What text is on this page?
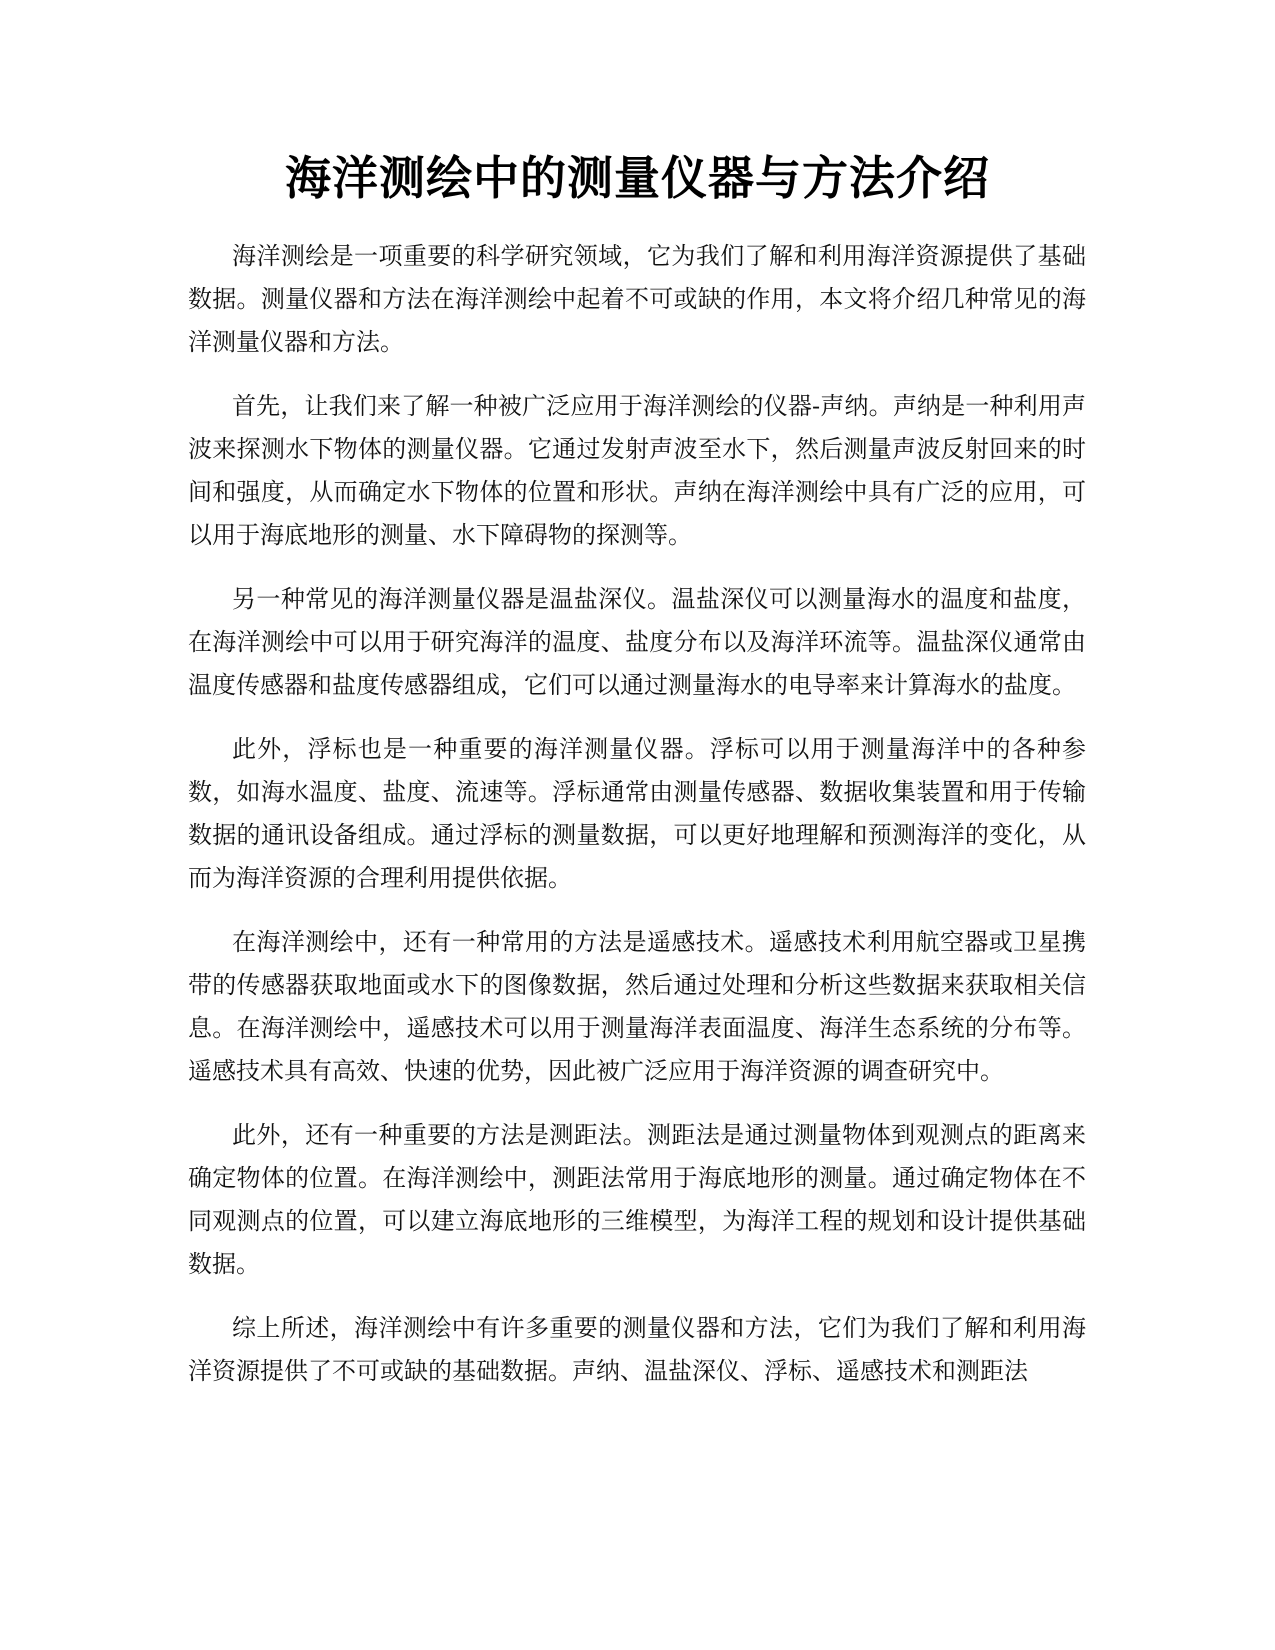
海洋测绘中的测量仪器与方法介绍

海洋测绘是一项重要的科学研究领域，它为我们了解和利用海洋资源提供了基础数据。测量仪器和方法在海洋测绘中起着不可或缺的作用，本文将介绍几种常见的海洋测量仪器和方法。

首先，让我们来了解一种被广泛应用于海洋测绘的仪器-声纳。声纳是一种利用声波来探测水下物体的测量仪器。它通过发射声波至水下，然后测量声波反射回来的时间和强度，从而确定水下物体的位置和形状。声纳在海洋测绘中具有广泛的应用，可以用于海底地形的测量、水下障碍物的探测等。

另一种常见的海洋测量仪器是温盐深仪。温盐深仪可以测量海水的温度和盐度，在海洋测绘中可以用于研究海洋的温度、盐度分布以及海洋环流等。温盐深仪通常由温度传感器和盐度传感器组成，它们可以通过测量海水的电导率来计算海水的盐度。

此外，浮标也是一种重要的海洋测量仪器。浮标可以用于测量海洋中的各种参数，如海水温度、盐度、流速等。浮标通常由测量传感器、数据收集装置和用于传输数据的通讯设备组成。通过浮标的测量数据，可以更好地理解和预测海洋的变化，从而为海洋资源的合理利用提供依据。

在海洋测绘中，还有一种常用的方法是遥感技术。遥感技术利用航空器或卫星携带的传感器获取地面或水下的图像数据，然后通过处理和分析这些数据来获取相关信息。在海洋测绘中，遥感技术可以用于测量海洋表面温度、海洋生态系统的分布等。遥感技术具有高效、快速的优势，因此被广泛应用于海洋资源的调查研究中。

此外，还有一种重要的方法是测距法。测距法是通过测量物体到观测点的距离来确定物体的位置。在海洋测绘中，测距法常用于海底地形的测量。通过确定物体在不同观测点的位置，可以建立海底地形的三维模型，为海洋工程的规划和设计提供基础数据。

综上所述，海洋测绘中有许多重要的测量仪器和方法，它们为我们了解和利用海洋资源提供了不可或缺的基础数据。声纳、温盐深仪、浮标、遥感技术和测距法
